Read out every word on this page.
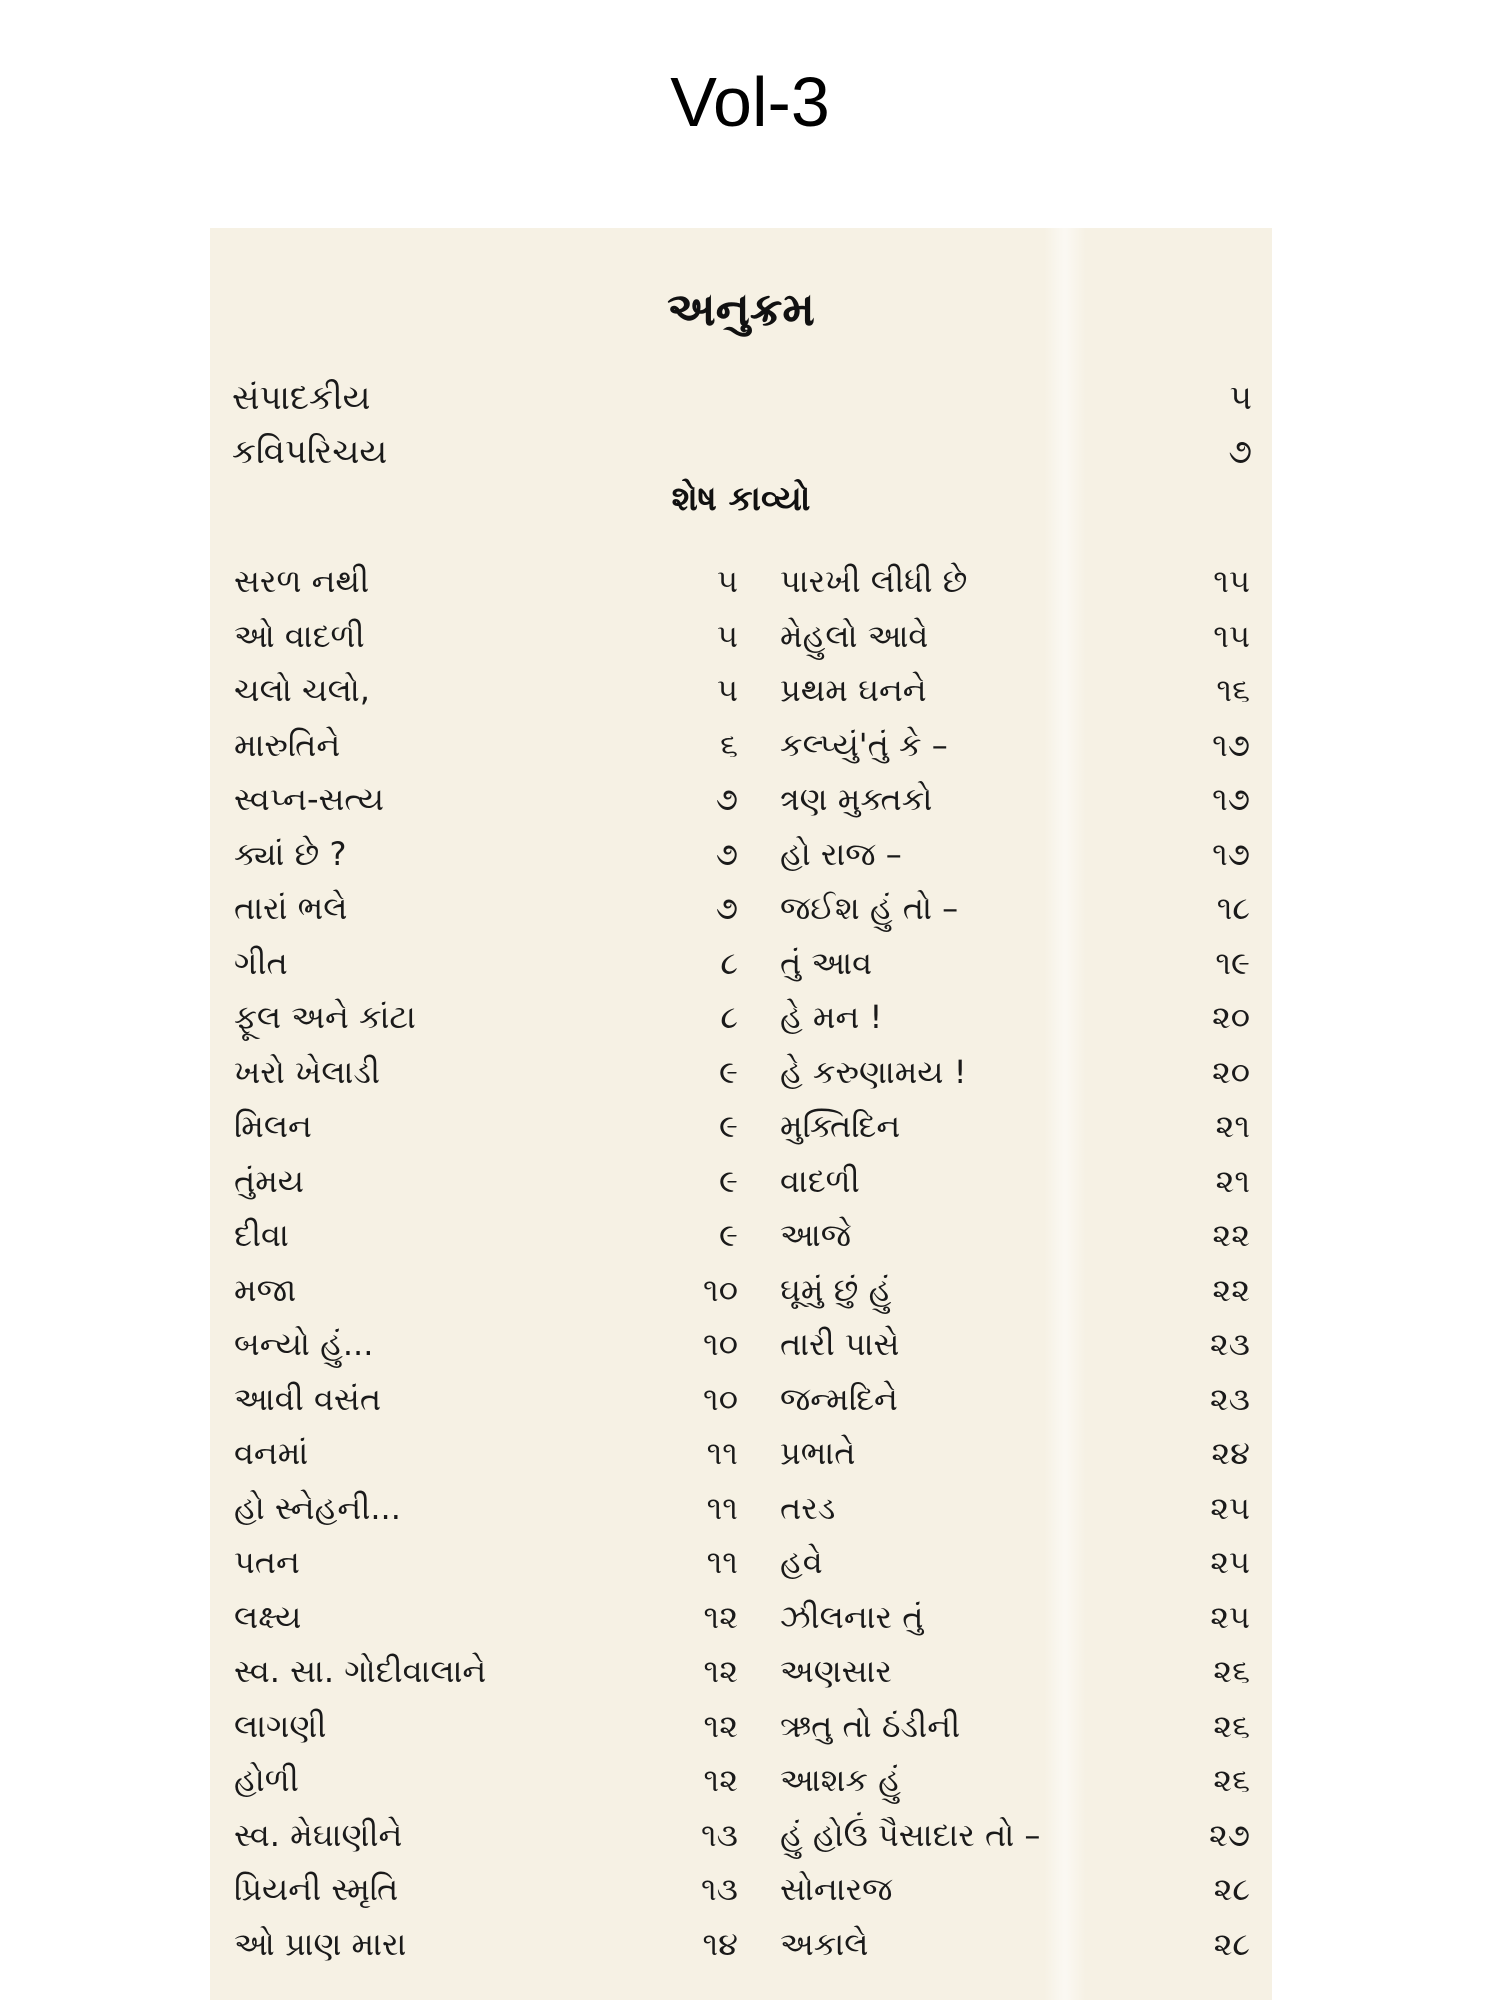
Vol-3
અનુક્રમ
સંપાદકીય	૫
કવિપરિચય	૭
શેષ કાવ્યો
સરળ નથી	૫ પારખી લીધી છે	૧૫
ઓ વાદળી	૫ મેહુલો આવે	૧૫
ચલો ચલો,	૫ પ્રથમ ઘનને	૧૬
મારુતિને	૬ કલ્પ્યું'તું કે –	૧૭
સ્વપ્ન-સત્ય	૭ ત્રણ મુક્તકો	૧૭
ક્યાં છે ?	૭ હો રાજ –	૧૭
તારાં ભલે	૭ જઈશ હું તો –	૧૮
ગીત	૮ તું આવ	૧૯
ફૂલ અને કાંટા	૮ હે મન !	૨૦
ખરો ખેલાડી	૯ હે કરુણામય !	૨૦
મિલન	૯ મુક્તિદિન	૨૧
તુંમય	૯ વાદળી	૨૧
દીવા	૯ આજે	૨૨
મજા	૧૦ ઘૂમું છું હું	૨૨
બન્યો હું...	૧૦ તારી પાસે	૨૩
આવી વસંત	૧૦ જન્મદિને	૨૩
વનમાં	૧૧ પ્રભાતે	૨૪
હો સ્નેહની...	૧૧ તરડ	૨૫
પતન	૧૧ હવે	૨૫
લક્ષ્ય	૧૨ ઝીલનાર તું	૨૫
સ્વ. સા. ગોદીવાલાને	૧૨ અણસાર	૨૬
લાગણી	૧૨ ઋતુ તો ઠંડીની	૨૬
હોળી	૧૨ આશક હું	૨૬
સ્વ. મેઘાણીને	૧૩ હું હોઉં પૈસાદાર તો –	૨૭
પ્રિયની સ્મૃતિ	૧૩ સોનારજ	૨૮
ઓ પ્રાણ મારા	૧૪ અકાલે	૨૮
